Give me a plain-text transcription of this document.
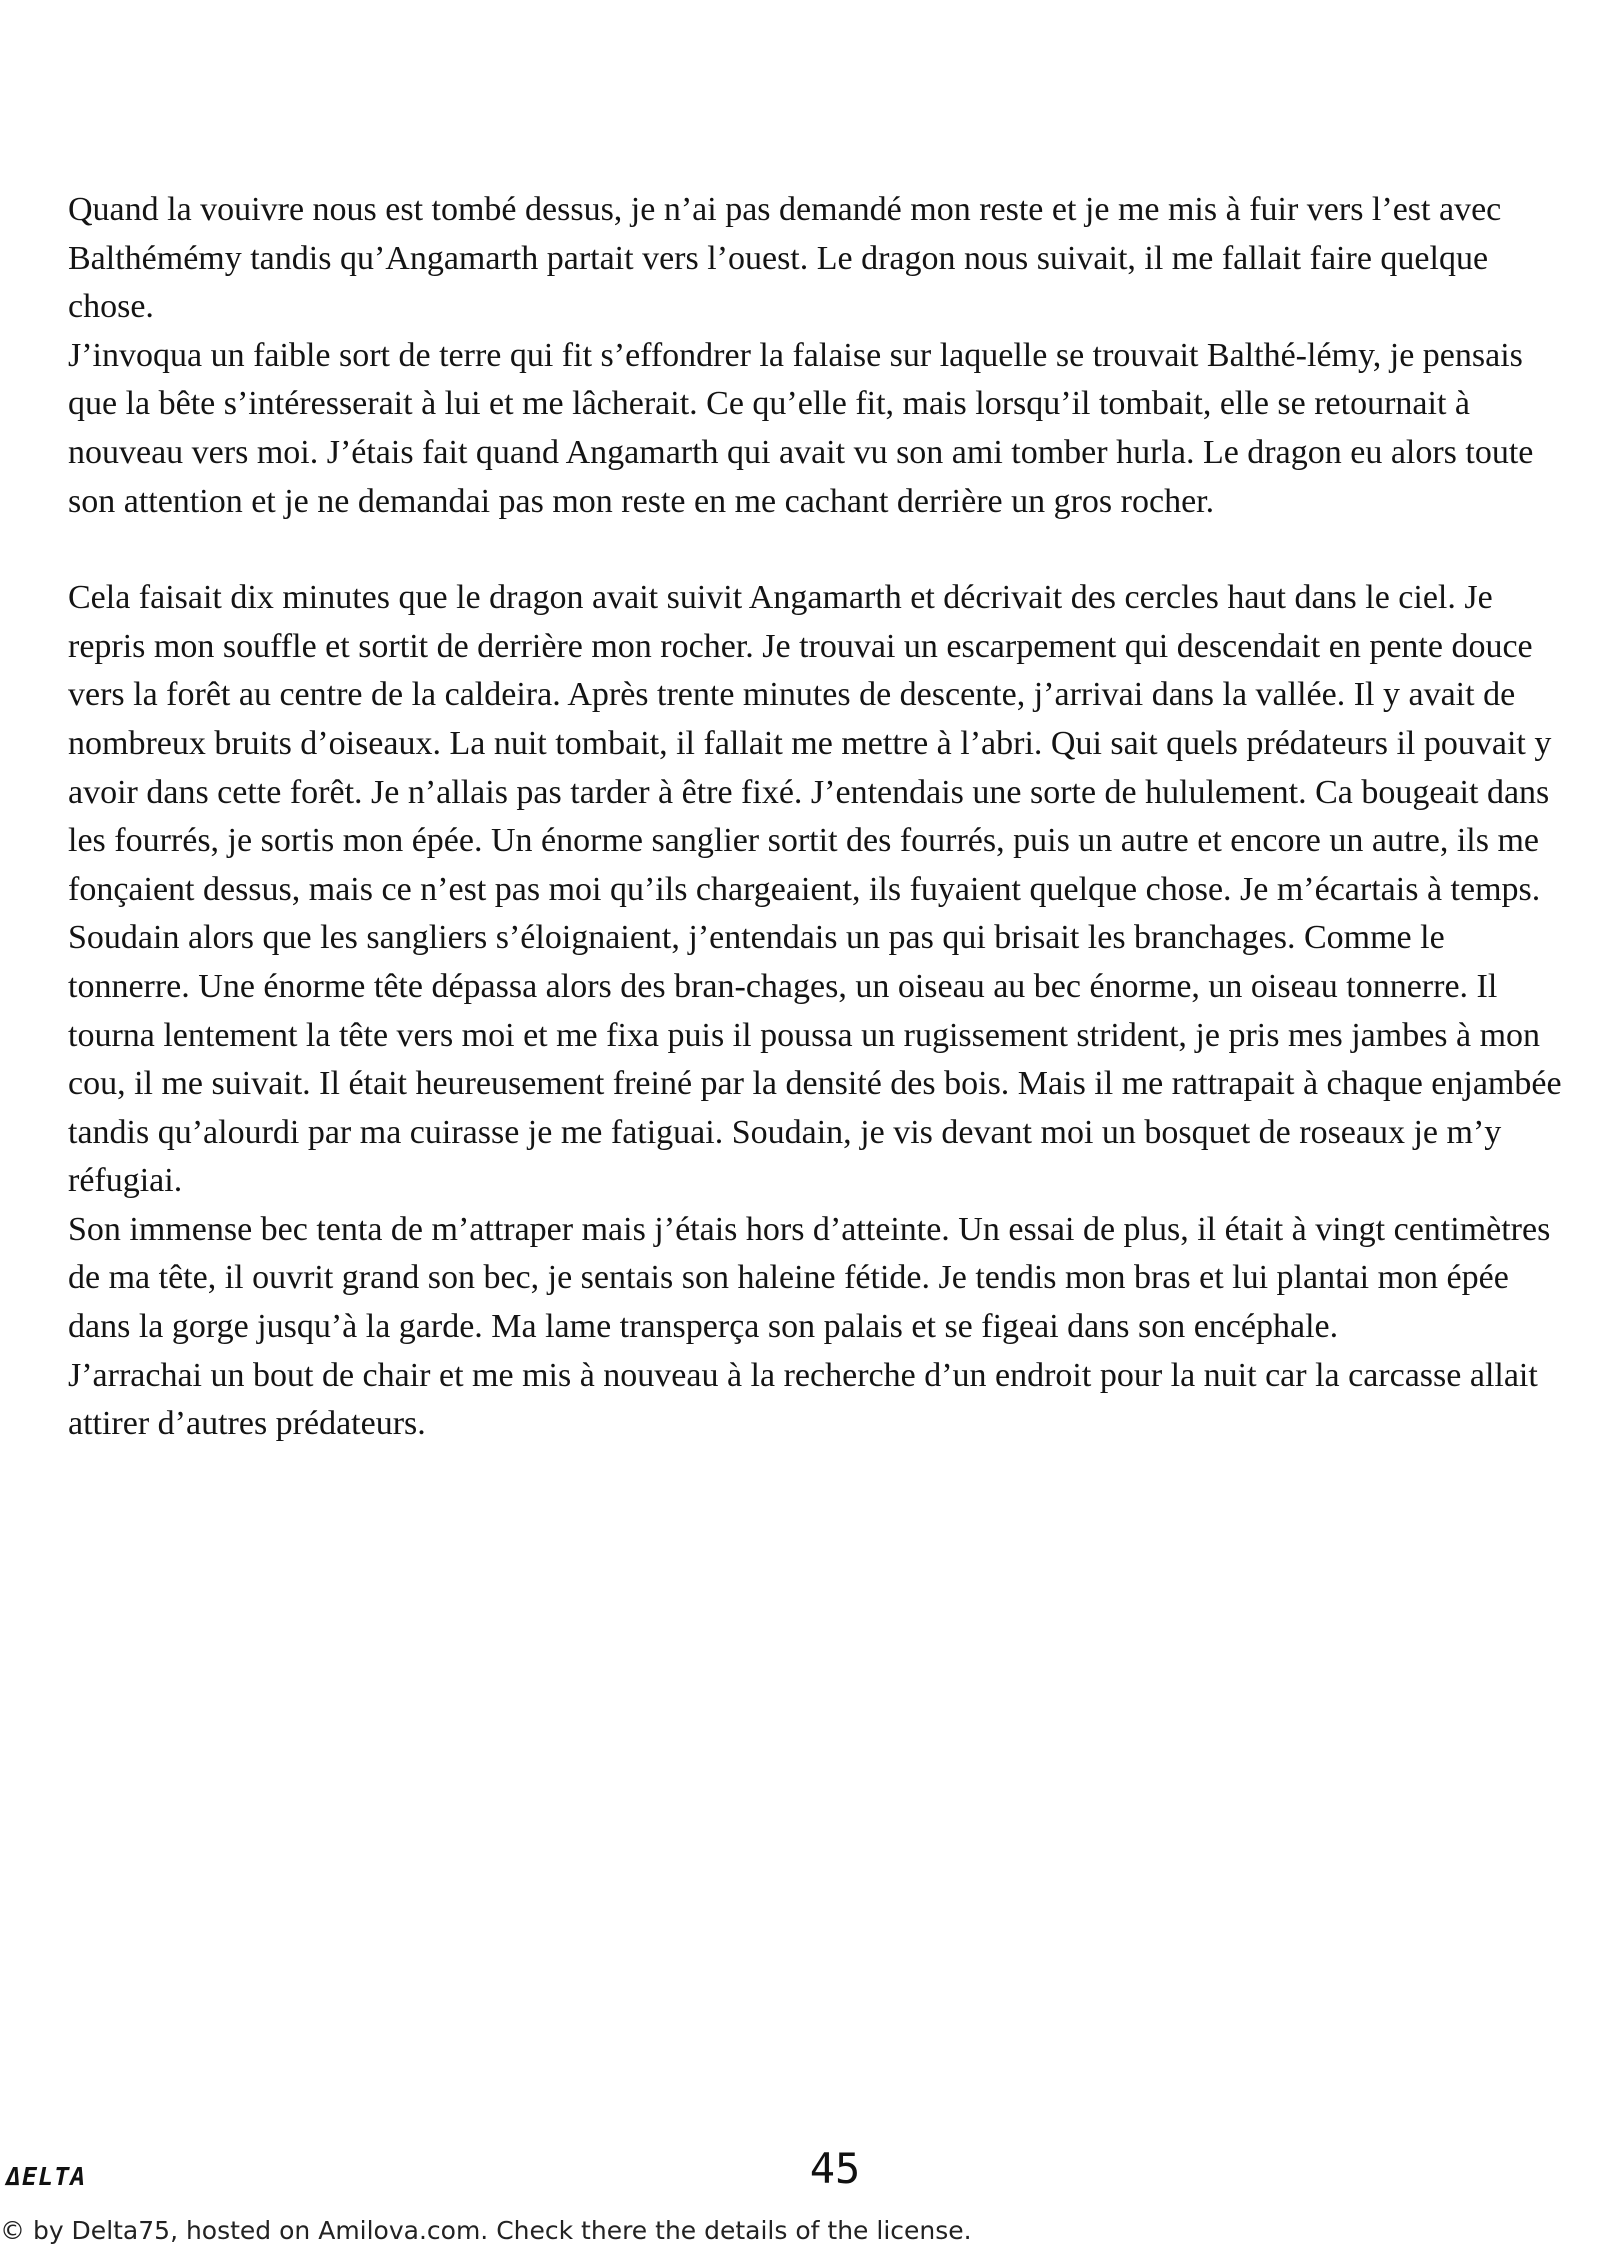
Quand la vouivre nous est tombé dessus, je n’ai pas demandé mon reste et je me mis à fuir vers l’est avec Balthémémy tandis qu’Angamarth partait vers l’ouest. Le dragon nous suivait, il me fallait faire quelque chose.

J’invoqua un faible sort de terre qui fit s’effondrer la falaise sur laquelle se trouvait Balthé-lémy, je pensais que la bête s’intéresserait à lui et me lâcherait. Ce qu’elle fit, mais lorsqu’il tombait, elle se retournait à nouveau vers moi. J’étais fait quand Angamarth qui avait vu son ami tomber hurla. Le dragon eu alors toute son attention et je ne demandai pas mon reste en me cachant derrière un gros rocher.

Cela faisait dix minutes que le dragon avait suivit Angamarth et décrivait des cercles haut dans le ciel. Je repris mon souffle et sortit de derrière mon rocher. Je trouvai un escarpement qui descendait en pente douce vers la forêt au centre de la caldeira. Après trente minutes de descente, j’arrivai dans la vallée. Il y avait de nombreux bruits d’oiseaux. La nuit tombait, il fallait me mettre à l’abri. Qui sait quels prédateurs il pouvait y avoir dans cette forêt. Je n’allais pas tarder à être fixé. J’entendais une sorte de hululement. Ca bougeait dans les fourrés, je sortis mon épée. Un énorme sanglier sortit des fourrés, puis un autre et encore un autre, ils me fonçaient dessus, mais ce n’est pas moi qu’ils chargeaient, ils fuyaient quelque chose. Je m’écartais à temps. Soudain alors que les sangliers s’éloignaient, j’entendais un pas qui brisait les branchages. Comme le tonnerre. Une énorme tête dépassa alors des bran-chages, un oiseau au bec énorme, un oiseau tonnerre. Il tourna lentement la tête vers moi et me fixa puis il poussa un rugissement strident, je pris mes jambes à mon cou, il me suivait. Il était heureusement freiné par la densité des bois. Mais il me rattrapait à chaque enjambée tandis qu’alourdi par ma cuirasse je me fatiguai. Soudain, je vis devant moi un bosquet de roseaux je m’y réfugiai.

Son immense bec tenta de m’attraper mais j’étais hors d’atteinte. Un essai de plus, il était à vingt centimètres de ma tête, il ouvrit grand son bec, je sentais son haleine fétide. Je tendis mon bras et lui plantai mon épée dans la gorge jusqu’à la garde. Ma lame transperça son palais et se figeai dans son encéphale.

J’arrachai un bout de chair et me mis à nouveau à la recherche d’un endroit pour la nuit car la carcasse allait attirer d’autres prédateurs.

ΔELTA	45
© by Delta75, hosted on Amilova.com. Check there the details of the license.
